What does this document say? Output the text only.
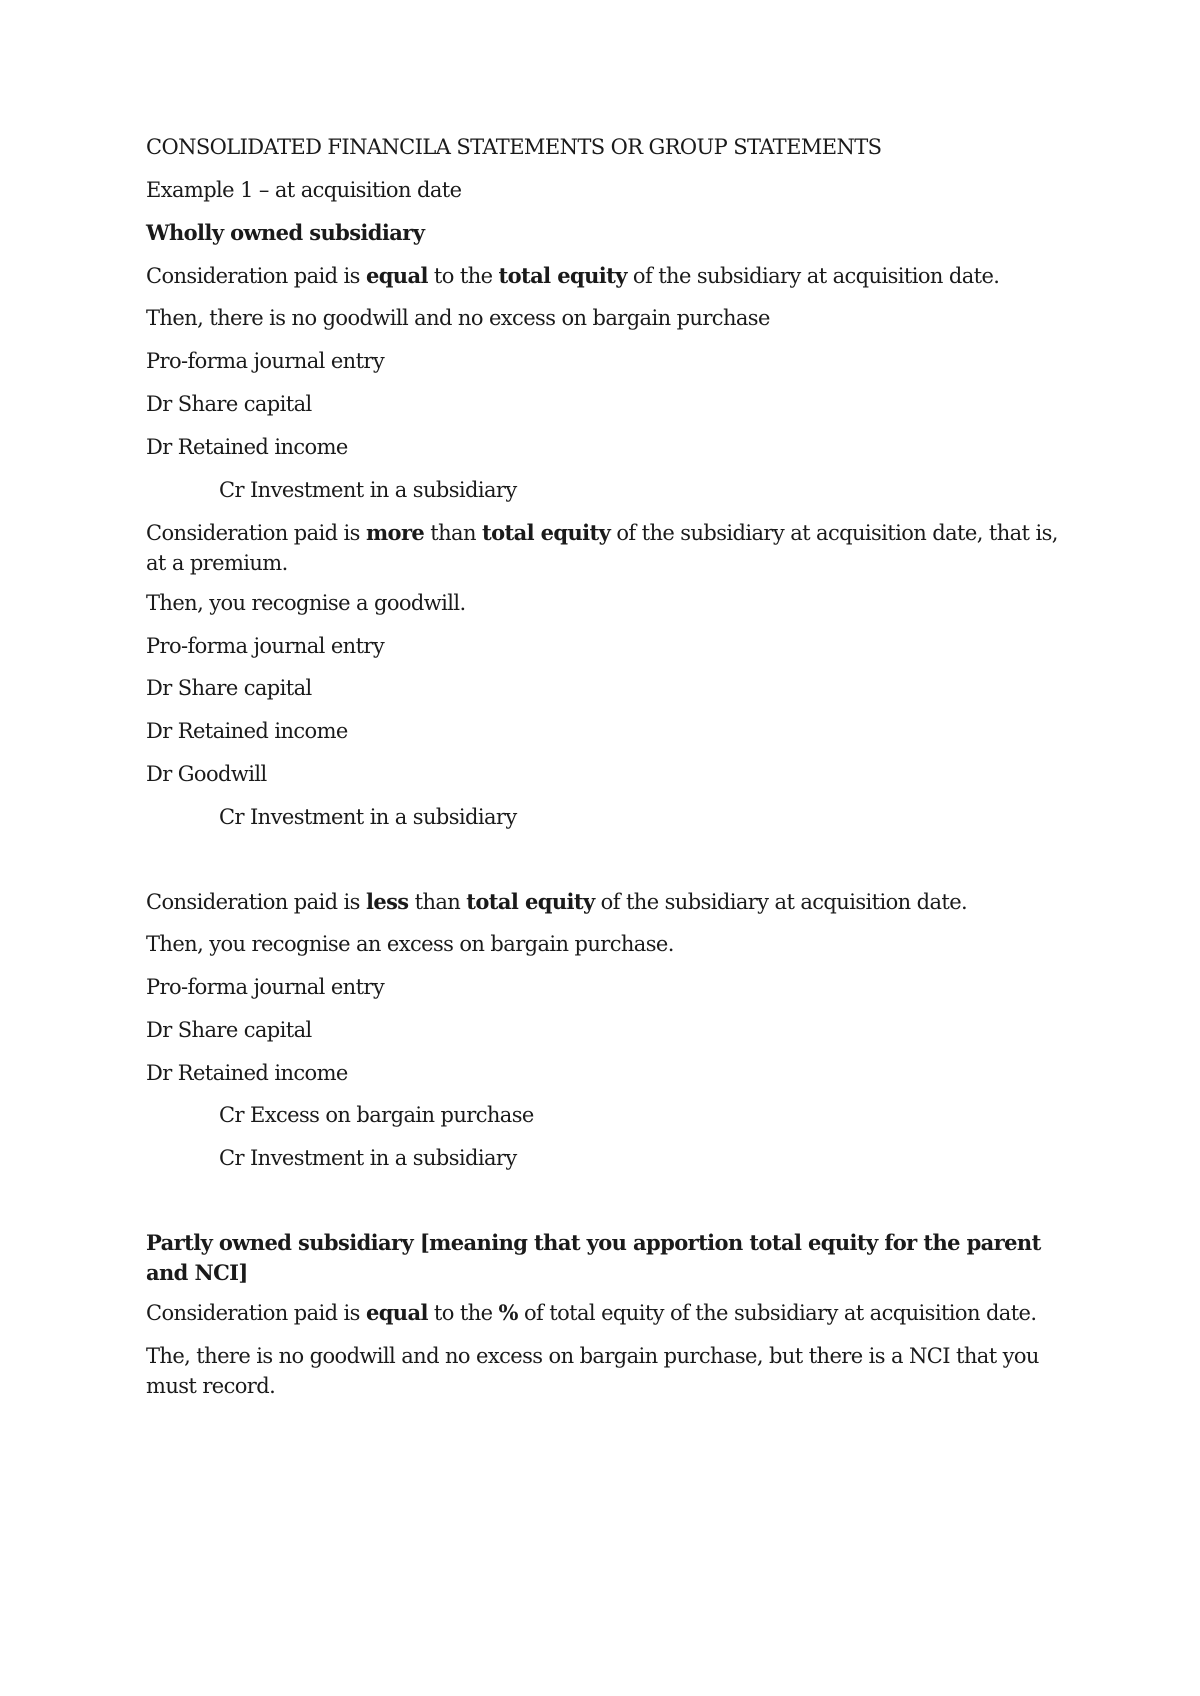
CONSOLIDATED FINANCILA STATEMENTS OR GROUP STATEMENTS

Example 1 – at acquisition date

Wholly owned subsidiary

Consideration paid is equal to the total equity of the subsidiary at acquisition date.

Then, there is no goodwill and no excess on bargain purchase

Pro-forma journal entry

Dr Share capital

Dr Retained income

Cr Investment in a subsidiary

Consideration paid is more than total equity of the subsidiary at acquisition date, that is, at a premium.

Then, you recognise a goodwill.

Pro-forma journal entry

Dr Share capital

Dr Retained income

Dr Goodwill

Cr Investment in a subsidiary

Consideration paid is less than total equity of the subsidiary at acquisition date.

Then, you recognise an excess on bargain purchase.

Pro-forma journal entry

Dr Share capital

Dr Retained income

Cr Excess on bargain purchase

Cr Investment in a subsidiary

Partly owned subsidiary [meaning that you apportion total equity for the parent and NCI]

Consideration paid is equal to the % of total equity of the subsidiary at acquisition date.

The, there is no goodwill and no excess on bargain purchase, but there is a NCI that you must record.
